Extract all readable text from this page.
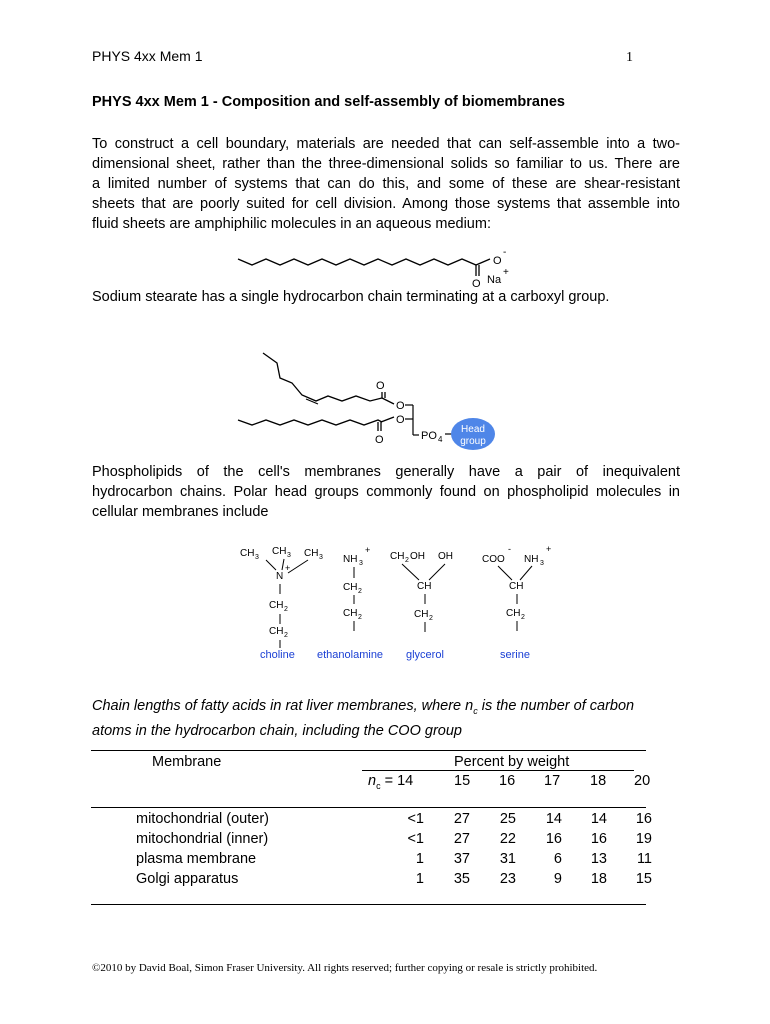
PHYS 4xx Mem 1	1
PHYS 4xx Mem 1 - Composition and self-assembly of biomembranes
To construct a cell boundary, materials are needed that can self-assemble into a two-
dimensional sheet, rather than the three-dimensional solids so familiar to us. There are
a limited number of systems that can do this, and some of these are shear-resistant
sheets that are poorly suited for cell division. Among those systems that assemble into
fluid sheets are amphiphilic molecules in an aqueous medium:
O
-
O Na
+
Sodium stearate has a single hydrocarbon chain terminating at a carboxyl group.
O
O
O
O
PO 4
Head
group
Phospholipids of the cell's membranes generally have a pair of inequivalent
hydrocarbon chains. Polar head groups commonly found on phospholipid molecules in
cellular membranes include
CH 3
CH 3 CH 3
N
+
CH 2
CH 2
NH 3
+
CH 2
CH 2
CH 2 OH OH
CH
CH 2
COO
-
NH 3
+
CH
CH 2
choline ethanolamine glycerol	serine
Chain lengths of fatty acids in rat liver membranes, where $n_c$ is the number of carbon
atoms in the hydrocarbon chain, including the COO group
Membrane	Percent by weight
$n_c = 14$	15 16 17 18 20
mitochondrial (outer)	<1	27	25	14	14	16
mitochondrial (inner)	<1	27	22	16	16	19
plasma membrane	1	37	31	6	13	11
Golgi apparatus	1	35	23	9	18	15
©2010 by David Boal, Simon Fraser University. All rights reserved; further copying or resale is strictly prohibited.
